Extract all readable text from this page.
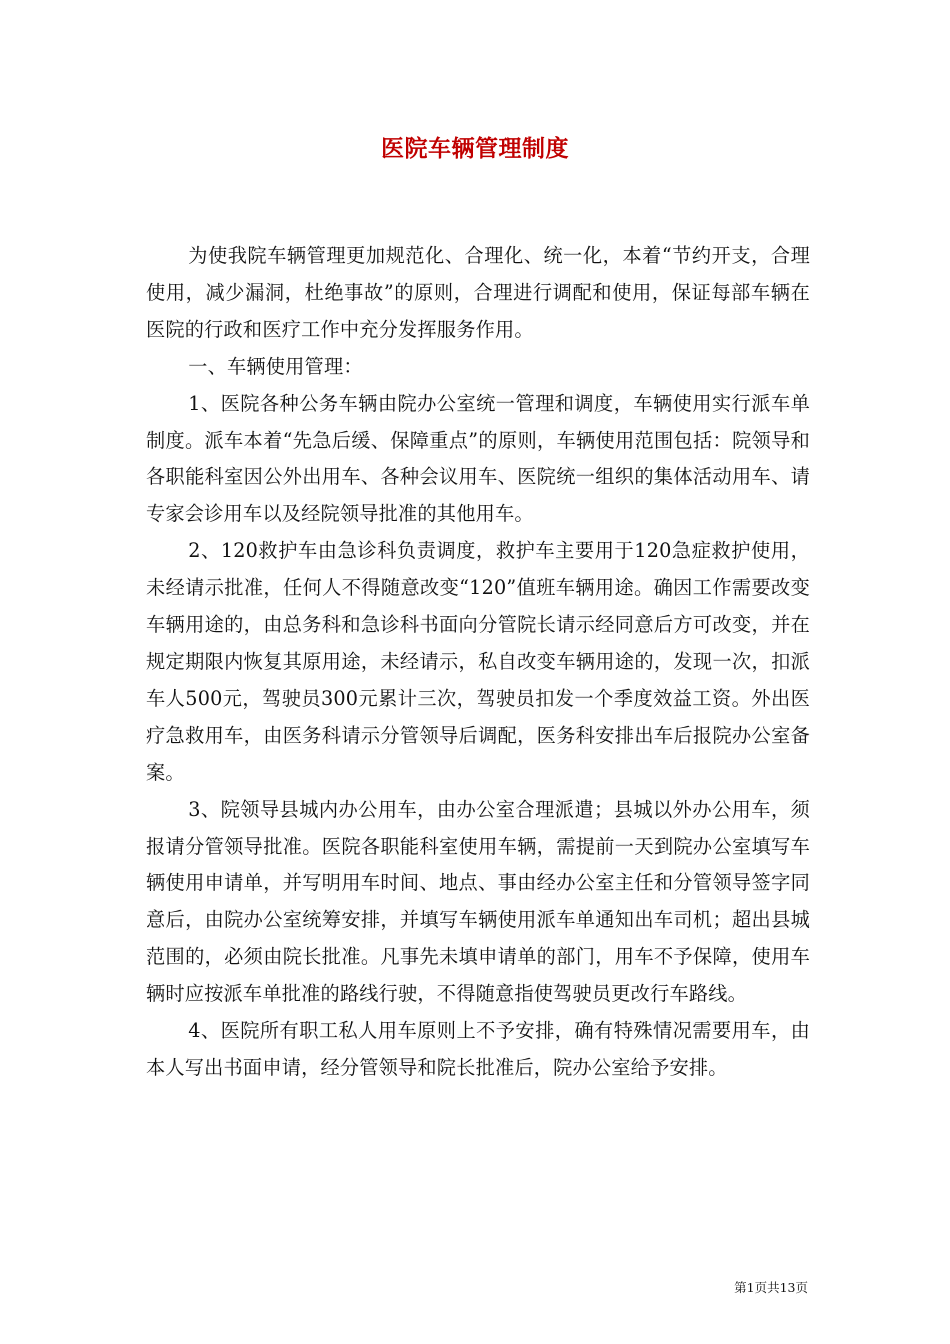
医院车辆管理制度

为使我院车辆管理更加规范化、合理化、统一化，本着“节约开支，合理使用，减少漏洞，杜绝事故”的原则，合理进行调配和使用，保证每部车辆在医院的行政和医疗工作中充分发挥服务作用。

一、车辆使用管理：

1、医院各种公务车辆由院办公室统一管理和调度，车辆使用实行派车单制度。派车本着“先急后缓、保障重点”的原则，车辆使用范围包括：院领导和各职能科室因公外出用车、各种会议用车、医院统一组织的集体活动用车、请专家会诊用车以及经院领导批准的其他用车。

2、120救护车由急诊科负责调度，救护车主要用于120急症救护使用，未经请示批准，任何人不得随意改变“120”值班车辆用途。确因工作需要改变车辆用途的，由总务科和急诊科书面向分管院长请示经同意后方可改变，并在规定期限内恢复其原用途，未经请示，私自改变车辆用途的，发现一次，扣派车人500元，驾驶员300元累计三次，驾驶员扣发一个季度效益工资。外出医疗急救用车，由医务科请示分管领导后调配，医务科安排出车后报院办公室备案。

3、院领导县城内办公用车，由办公室合理派遣；县城以外办公用车，须报请分管领导批准。医院各职能科室使用车辆，需提前一天到院办公室填写车辆使用申请单，并写明用车时间、地点、事由经办公室主任和分管领导签字同意后，由院办公室统筹安排，并填写车辆使用派车单通知出车司机；超出县城范围的，必须由院长批准。凡事先未填申请单的部门，用车不予保障，使用车辆时应按派车单批准的路线行驶，不得随意指使驾驶员更改行车路线。

4、医院所有职工私人用车原则上不予安排，确有特殊情况需要用车，由本人写出书面申请，经分管领导和院长批准后，院办公室给予安排。

第1页共13页
